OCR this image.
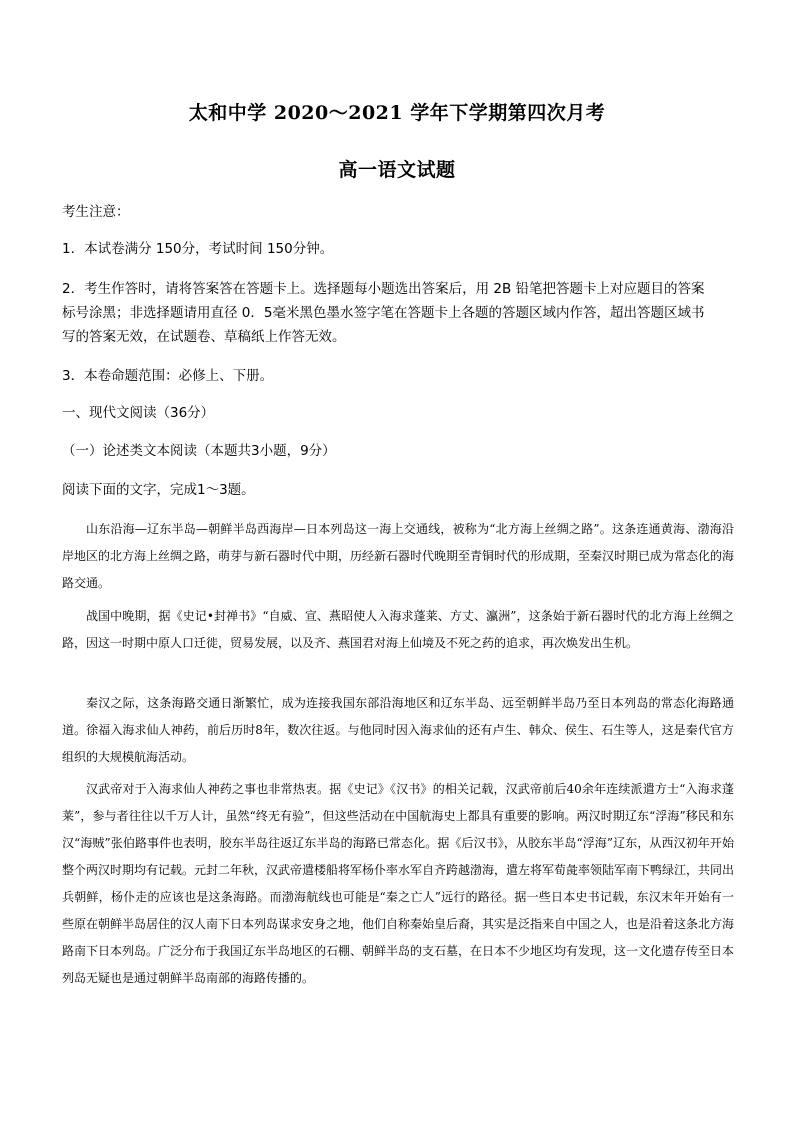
太和中学 2020～2021 学年下学期第四次月考
高一语文试题
考生注意：
1．本试卷满分 150分，考试时间 150分钟。
2．考生作答时，请将答案答在答题卡上。选择题每小题选出答案后，用 2B 铅笔把答题卡上对应题目的答案
标号涂黑；非选择题请用直径 0．5毫米黑色墨水签字笔在答题卡上各题的答题区域内作答，超出答题区域书
写的答案无效，在试题卷、草稿纸上作答无效。
3．本卷命题范围：必修上、下册。
一、现代文阅读（36分）
（一）论述类文本阅读（本题共3小题，9分）
阅读下面的文字，完成1～3题。
山东沿海—辽东半岛—朝鲜半岛西海岸—日本列岛这一海上交通线，被称为“北方海上丝绸之路”。这条连通黄海、渤海沿岸地区的北方海上丝绸之路，萌芽与新石器时代中期，历经新石器时代晚期至青铜时代的形成期，至秦汉时期已成为常态化的海路交通。
战国中晚期，据《史记•封禅书》“自威、宣、燕昭使人入海求蓬莱、方丈、瀛洲”，这条始于新石器时代的北方海上丝绸之路，因这一时期中原人口迁徙，贸易发展，以及齐、燕国君对海上仙境及不死之药的追求，再次焕发出生机。
秦汉之际，这条海路交通日渐繁忙，成为连接我国东部沿海地区和辽东半岛、远至朝鲜半岛乃至日本列岛的常态化海路通道。徐福入海求仙人神药，前后历时8年，数次往返。与他同时因入海求仙的还有卢生、韩众、侯生、石生等人，这是秦代官方组织的大规模航海活动。
汉武帝对于入海求仙人神药之事也非常热衷。据《史记》《汉书》的相关记载，汉武帝前后40余年连续派遣方士“入海求蓬莱”，参与者往往以千万人计，虽然“终无有验”，但这些活动在中国航海史上都具有重要的影响。两汉时期辽东“浮海”移民和东汉“海贼”张伯路事件也表明，胶东半岛往返辽东半岛的海路已常态化。据《后汉书》，从胶东半岛“浮海”辽东，从西汉初年开始整个两汉时期均有记载。元封二年秋，汉武帝遣楼船将军杨仆率水军自齐跨越渤海，遣左将军荀彘率领陆军南下鸭绿江，共同出兵朝鲜，杨仆走的应该也是这条海路。而渤海航线也可能是“秦之亡人”远行的路径。据一些日本史书记载，东汉末年开始有一些原在朝鲜半岛居住的汉人南下日本列岛谋求安身之地，他们自称秦始皇后裔，其实是泛指来自中国之人，也是沿着这条北方海路南下日本列岛。广泛分布于我国辽东半岛地区的石棚、朝鲜半岛的支石墓，在日本不少地区均有发现，这一文化遗存传至日本列岛无疑也是通过朝鲜半岛南部的海路传播的。
